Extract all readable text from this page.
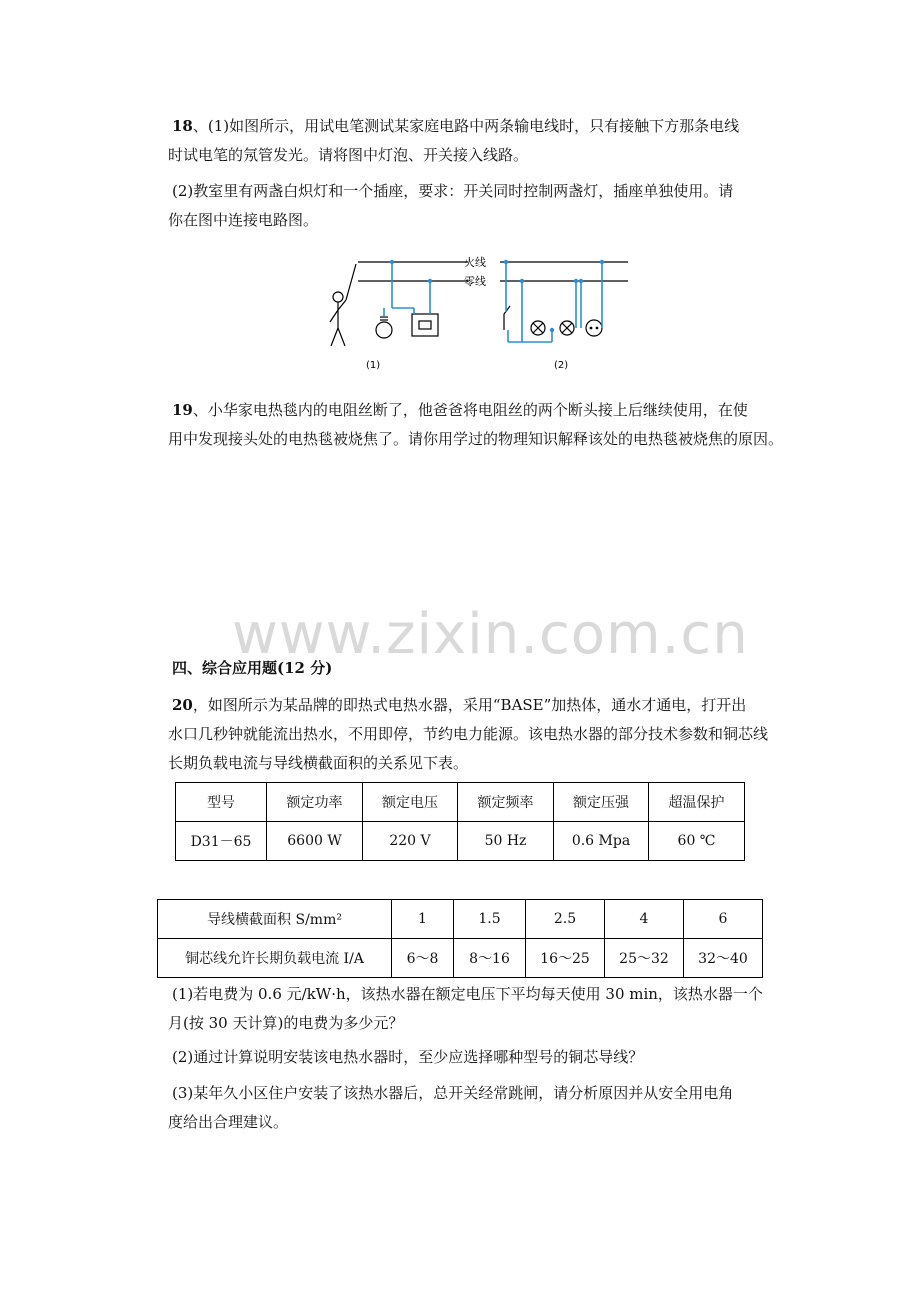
18、(1)如图所示，用试电笔测试某家庭电路中两条输电线时，只有接触下方那条电线
时试电笔的氖管发光。请将图中灯泡、开关接入线路。
(2)教室里有两盏白炽灯和一个插座，要求：开关同时控制两盏灯，插座单独使用。请
你在图中连接电路图。
火线
零线
(1)	(2)
19、小华家电热毯内的电阻丝断了，他爸爸将电阻丝的两个断头接上后继续使用，在使
用中发现接头处的电热毯被烧焦了。请你用学过的物理知识解释该处的电热毯被烧焦的原因。
www.zixin.com.cn
四、综合应用题(12 分)
20，如图所示为某品牌的即热式电热水器，采用“BASE”加热体，通水才通电，打开出
水口几秒钟就能流出热水，不用即停，节约电力能源。该电热水器的部分技术参数和铜芯线
长期负载电流与导线横截面积的关系见下表。
型号	额定功率	额定电压	额定频率	额定压强	超温保护
D31－65	6600 W	220 V	50 Hz	0.6 Mpa	60 ℃
导线横截面积 S/mm²	1	1.5	2.5	4	6
铜芯线允许长期负载电流 I/A	6～8	8～16	16～25	25～32	32～40
(1)若电费为 0.6 元/kW·h，该热水器在额定电压下平均每天使用 30 min，该热水器一个
月(按 30 天计算)的电费为多少元？
(2)通过计算说明安装该电热水器时，至少应选择哪种型号的铜芯导线？
(3)某年久小区住户安装了该热水器后，总开关经常跳闸，请分析原因并从安全用电角
度给出合理建议。
